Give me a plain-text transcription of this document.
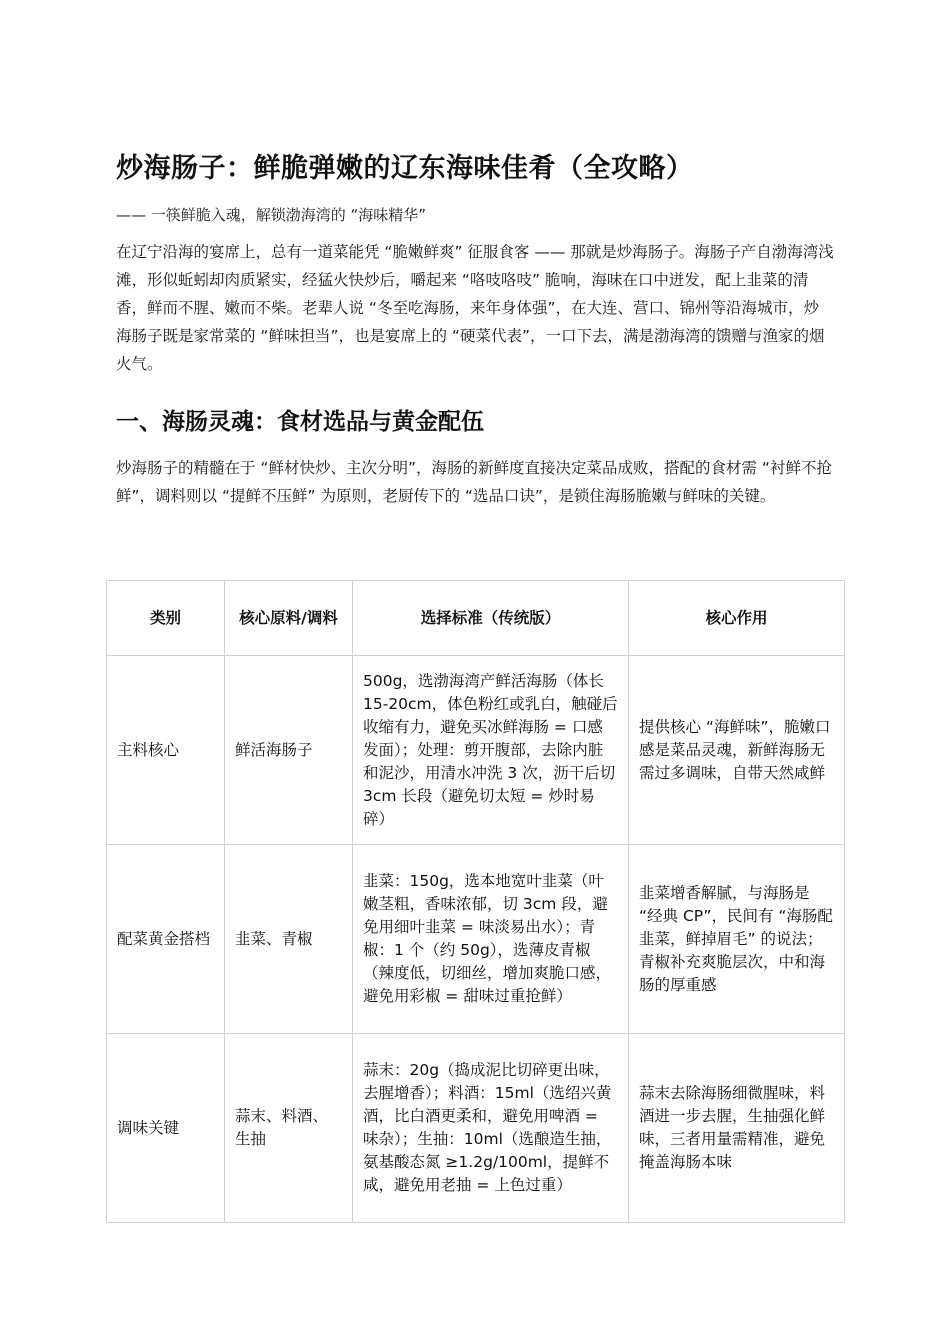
炒海肠子：鲜脆弹嫩的辽东海味佳肴（全攻略）

—— 一筷鲜脆入魂，解锁渤海湾的 “海味精华”

在辽宁沿海的宴席上，总有一道菜能凭 “脆嫩鲜爽” 征服食客 —— 那就是炒海肠子。海肠子产自渤海湾浅滩，形似蚯蚓却肉质紧实，经猛火快炒后，嚼起来 “咯吱咯吱” 脆响，海味在口中迸发，配上韭菜的清香，鲜而不腥、嫩而不柴。老辈人说 “冬至吃海肠，来年身体强”，在大连、营口、锦州等沿海城市，炒海肠子既是家常菜的 “鲜味担当”，也是宴席上的 “硬菜代表”，一口下去，满是渤海湾的馈赠与渔家的烟火气。

一、海肠灵魂：食材选品与黄金配伍

炒海肠子的精髓在于 “鲜材快炒、主次分明”，海肠的新鲜度直接决定菜品成败，搭配的食材需 “衬鲜不抢鲜”，调料则以 “提鲜不压鲜” 为原则，老厨传下的 “选品口诀”，是锁住海肠脆嫩与鲜味的关键。

类别	核心原料/调料	选择标准（传统版）	核心作用
主料核心	鲜活海肠子	500g，选渤海湾产鲜活海肠（体长 15-20cm，体色粉红或乳白，触碰后收缩有力，避免买冰鲜海肠 = 口感发面）；处理：剪开腹部，去除内脏和泥沙，用清水冲洗 3 次，沥干后切 3cm 长段（避免切太短 = 炒时易碎）	提供核心 “海鲜味”，脆嫩口感是菜品灵魂，新鲜海肠无需过多调味，自带天然咸鲜
配菜黄金搭档	韭菜、青椒	韭菜：150g，选本地宽叶韭菜（叶嫩茎粗，香味浓郁，切 3cm 段，避免用细叶韭菜 = 味淡易出水）；青椒：1 个（约 50g），选薄皮青椒（辣度低，切细丝，增加爽脆口感，避免用彩椒 = 甜味过重抢鲜）	韭菜增香解腻，与海肠是 “经典 CP”，民间有 “海肠配韭菜，鲜掉眉毛” 的说法；青椒补充爽脆层次，中和海肠的厚重感
调味关键	蒜末、料酒、生抽	蒜末：20g（捣成泥比切碎更出味，去腥增香）；料酒：15ml（选绍兴黄酒，比白酒更柔和，避免用啤酒 = 味杂）；生抽：10ml（选酿造生抽，氨基酸态氮 ≥1.2g/100ml，提鲜不咸，避免用老抽 = 上色过重）	蒜末去除海肠细微腥味，料酒进一步去腥，生抽强化鲜味，三者用量需精准，避免掩盖海肠本味
